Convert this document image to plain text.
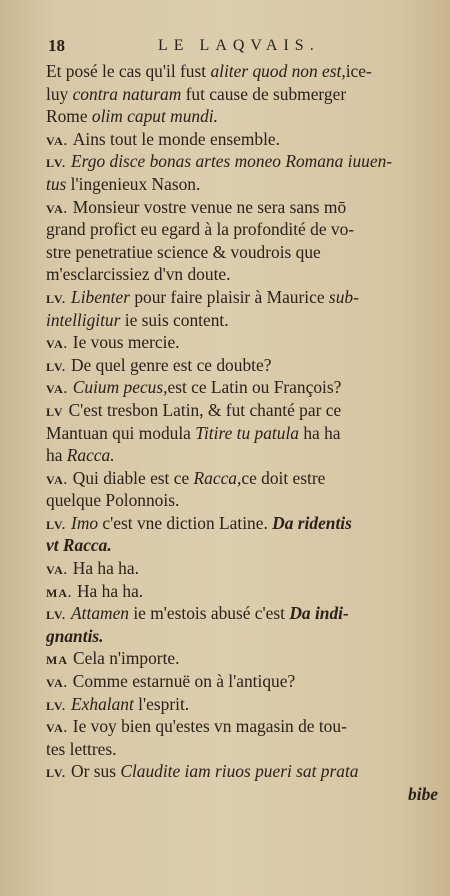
18	LE LAQVAIS.
Et posé le cas qu'il fust aliter quod non est,ice-
luy contra naturam fut cause de submerger
Rome olim caput mundi.
VA. Ains tout le monde ensemble.
LV. Ergo disce bonas artes moneo Romana iuuen-
tus l'ingenieux Nason.
VA. Monsieur vostre venue ne sera sans mō
grand profict eu egard à la profondité de vo-
stre penetratiue science & voudrois que
m'esclarcissiez d'vn doute.
LV. Libenter pour faire plaisir à Maurice sub-
intelligitur ie suis content.
VA. Ie vous mercie.
LV. De quel genre est ce doubte?
VA. Cuium pecus,est ce Latin ou François?
LV C'est tresbon Latin, & fut chanté par ce
Mantuan qui modula Titire tu patula ha ha
ha Racca.
VA. Qui diable est ce Racca,ce doit estre
quelque Polonnois.
LV. Imo c'est vne diction Latine. Da ridentis
vt Racca.
VA. Ha ha ha.
MA. Ha ha ha.
LV. Attamen ie m'estois abusé c'est Da indi-
gnantis.
MA Cela n'importe.
VA. Comme estarnuë on à l'antique?
LV. Exhalant l'esprit.
VA. Ie voy bien qu'estes vn magasin de tou-
tes lettres.
LV. Or sus Claudite iam riuos pueri sat prata
bibe
